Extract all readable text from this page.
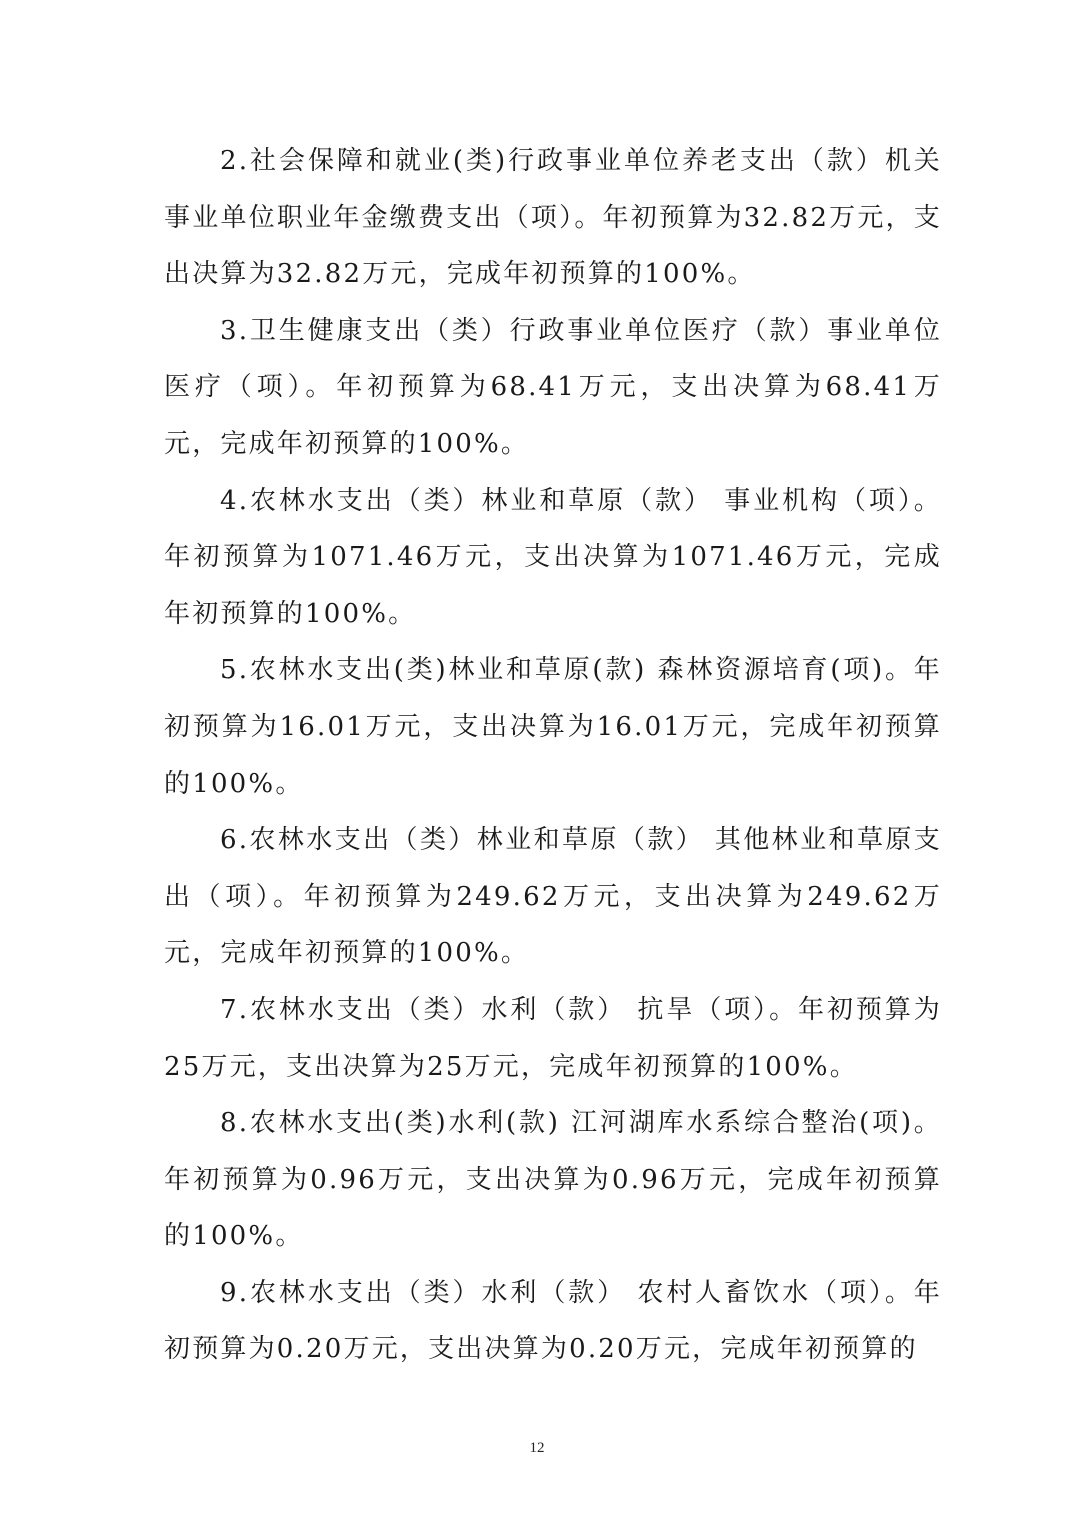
2.社会保障和就业(类)行政事业单位养老支出（款）机关事业单位职业年金缴费支出（项）。年初预算为32.82万元，支出决算为32.82万元，完成年初预算的100%。

3.卫生健康支出（类）行政事业单位医疗（款）事业单位医疗（项）。年初预算为68.41万元，支出决算为68.41万元，完成年初预算的100%。

4.农林水支出（类）林业和草原（款） 事业机构（项）。年初预算为1071.46万元，支出决算为1071.46万元，完成年初预算的100%。

5.农林水支出(类)林业和草原(款) 森林资源培育(项)。年初预算为16.01万元，支出决算为16.01万元，完成年初预算的100%。

6.农林水支出（类）林业和草原（款） 其他林业和草原支出（项）。年初预算为249.62万元，支出决算为249.62万元，完成年初预算的100%。

7.农林水支出（类）水利（款） 抗旱（项）。年初预算为25万元，支出决算为25万元，完成年初预算的100%。

8.农林水支出(类)水利(款) 江河湖库水系综合整治(项)。年初预算为0.96万元，支出决算为0.96万元，完成年初预算的100%。

9.农林水支出（类）水利（款） 农村人畜饮水（项）。年初预算为0.20万元，支出决算为0.20万元，完成年初预算的

12
